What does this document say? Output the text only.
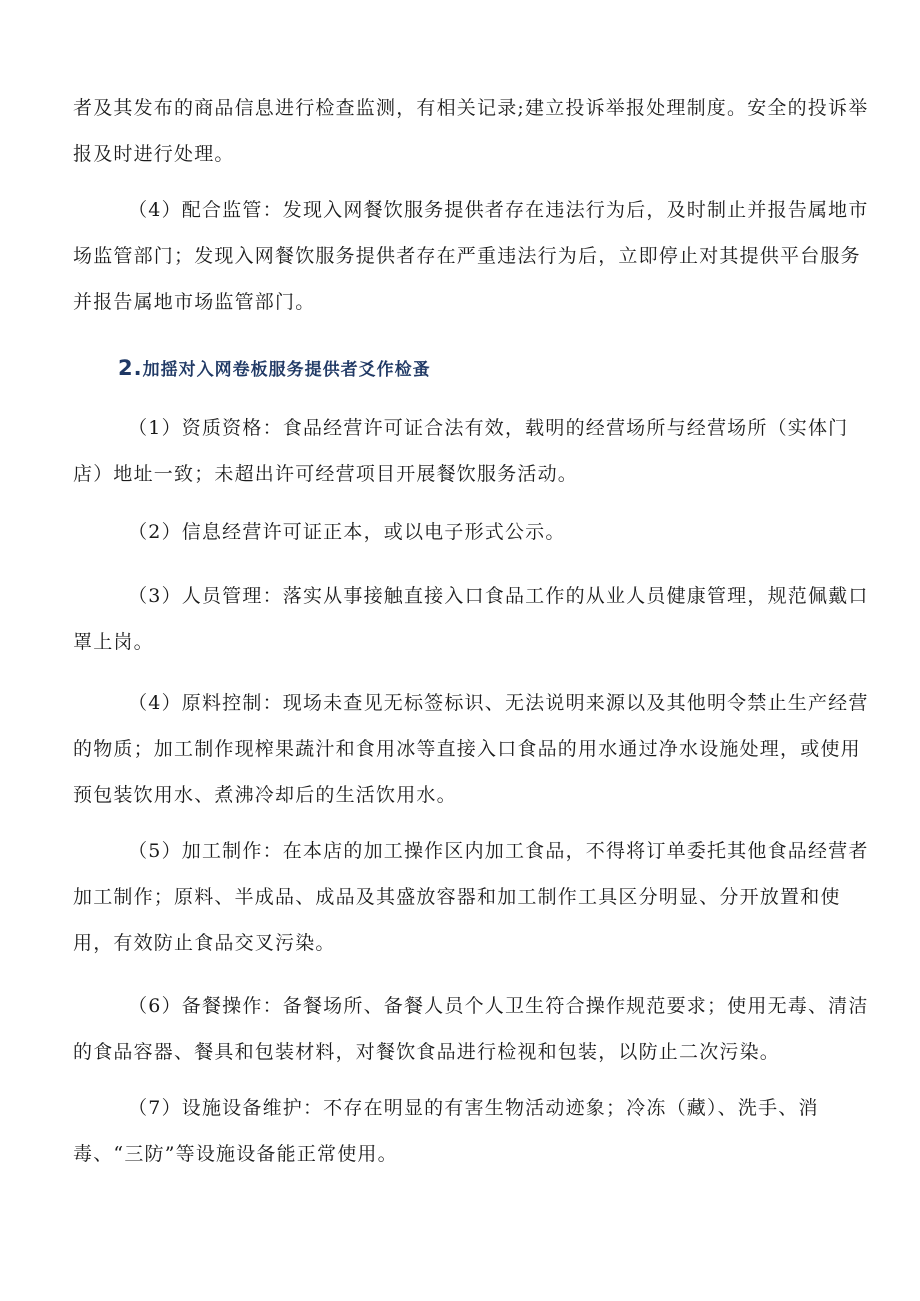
者及其发布的商品信息进行检查监测，有相关记录;建立投诉举报处理制度。安全的投诉举报及时进行处理。

（4）配合监管：发现入网餐饮服务提供者存在违法行为后，及时制止并报告属地市场监管部门；发现入网餐饮服务提供者存在严重违法行为后，立即停止对其提供平台服务并报告属地市场监管部门。

2.加揺对入网卷板服务提供者爻作检蚤

（1）资质资格：食品经营许可证合法有效，载明的经营场所与经营场所（实体门店）地址一致；未超出许可经营项目开展餐饮服务活动。

（2）信息经营许可证正本，或以电子形式公示。

（3）人员管理：落实从事接触直接入口食品工作的从业人员健康管理，规范佩戴口罩上岗。

（4）原料控制：现场未查见无标签标识、无法说明来源以及其他明令禁止生产经营的物质；加工制作现榨果蔬汁和食用冰等直接入口食品的用水通过净水设施处理，或使用预包装饮用水、煮沸冷却后的生活饮用水。

（5）加工制作：在本店的加工操作区内加工食品，不得将订单委托其他食品经营者加工制作；原料、半成品、成品及其盛放容器和加工制作工具区分明显、分开放置和使用，有效防止食品交叉污染。

（6）备餐操作：备餐场所、备餐人员个人卫生符合操作规范要求；使用无毒、清洁的食品容器、餐具和包装材料，对餐饮食品进行检视和包装，以防止二次污染。

（7）设施设备维护：不存在明显的有害生物活动迹象；冷冻（藏）、洗手、消毒、“三防”等设施设备能正常使用。
